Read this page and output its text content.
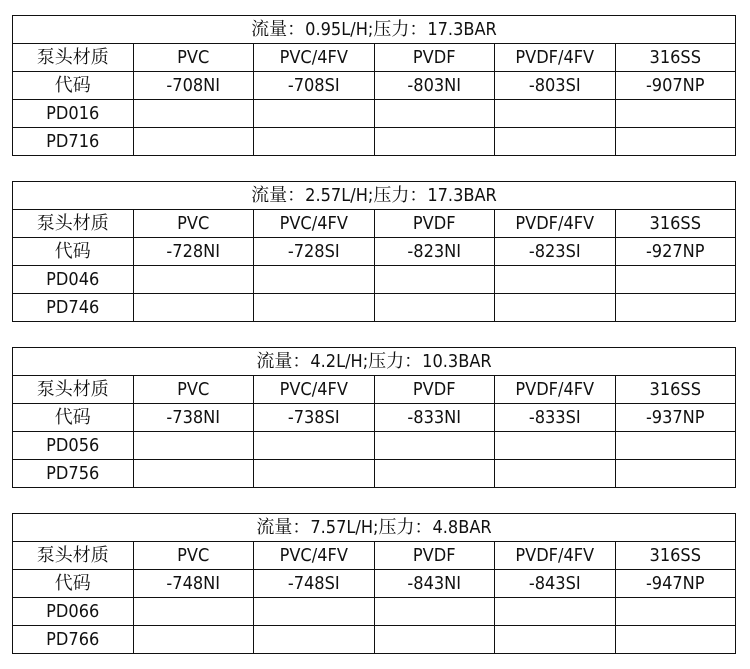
流量：0.95L/H;压力：17.3BAR					
泵头材质	PVC	PVC/4FV	PVDF	PVDF/4FV	316SS
代码	-708NI	-708SI	-803NI	-803SI	-907NP
PD016					
PD716					
流量：2.57L/H;压力：17.3BAR					
泵头材质	PVC	PVC/4FV	PVDF	PVDF/4FV	316SS
代码	-728NI	-728SI	-823NI	-823SI	-927NP
PD046					
PD746					
流量：4.2L/H;压力：10.3BAR					
泵头材质	PVC	PVC/4FV	PVDF	PVDF/4FV	316SS
代码	-738NI	-738SI	-833NI	-833SI	-937NP
PD056					
PD756					
流量：7.57L/H;压力：4.8BAR					
泵头材质	PVC	PVC/4FV	PVDF	PVDF/4FV	316SS
代码	-748NI	-748SI	-843NI	-843SI	-947NP
PD066					
PD766					
